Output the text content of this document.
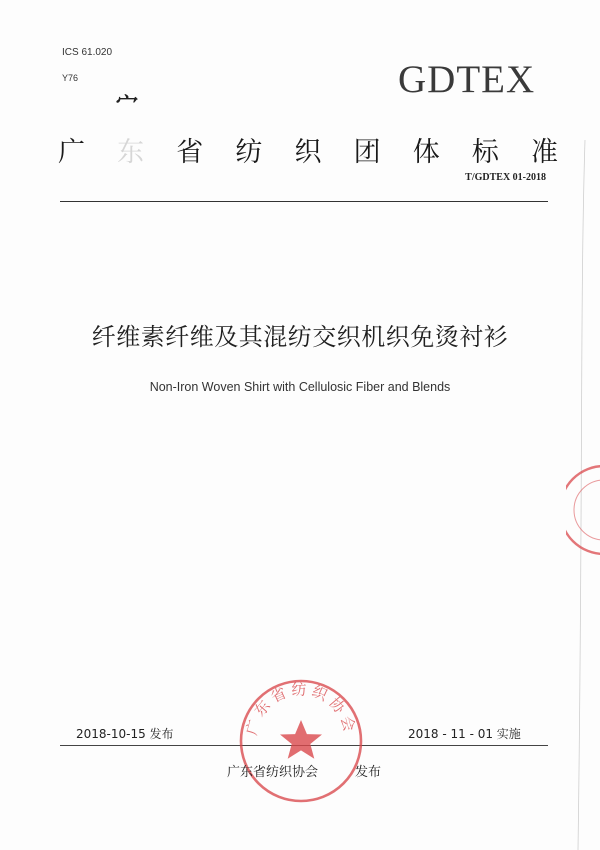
ICS 61.020
Y76
宀
GDTEX
广 东 省 纺 织 团 体 标 准
T/GDTEX 01-2018
纤维素纤维及其混纺交织机织免烫衬衫
Non-Iron Woven Shirt with Cellulosic Fiber and Blends
2018-10-15 发布	2018 - 11 - 01 实施
广东省纺织协会
广东省纺织协会	发布
